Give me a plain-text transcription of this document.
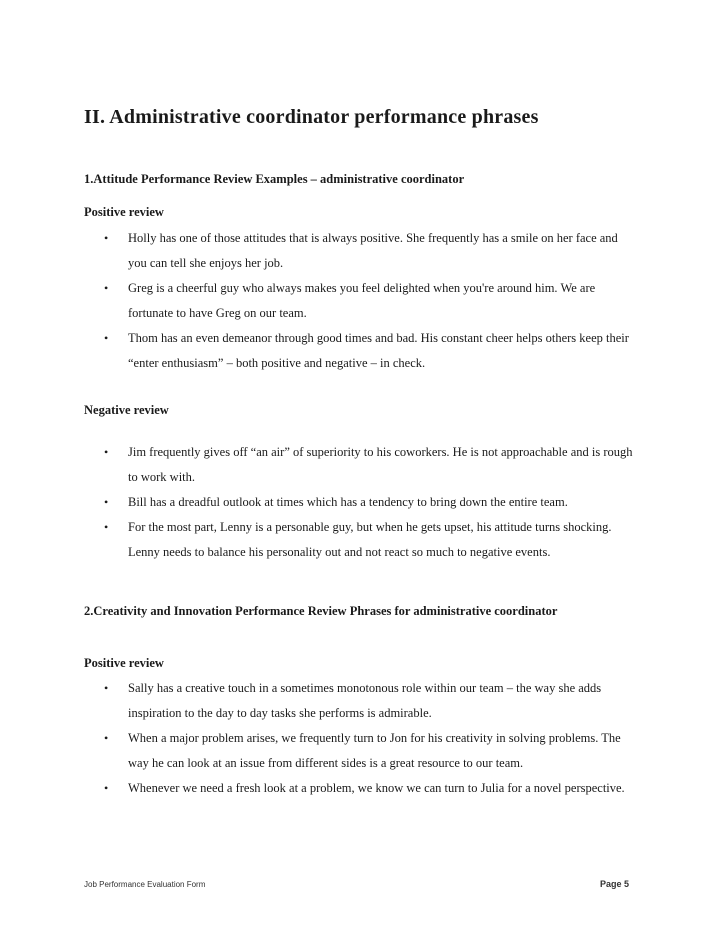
II. Administrative coordinator performance phrases
1.Attitude Performance Review Examples – administrative coordinator
Positive review
• Holly has one of those attitudes that is always positive. She frequently has a smile on her face and you can tell she enjoys her job.
• Greg is a cheerful guy who always makes you feel delighted when you're around him. We are fortunate to have Greg on our team.
• Thom has an even demeanor through good times and bad. His constant cheer helps others keep their “enter enthusiasm” – both positive and negative – in check.
Negative review
• Jim frequently gives off “an air” of superiority to his coworkers. He is not approachable and is rough to work with.
• Bill has a dreadful outlook at times which has a tendency to bring down the entire team.
• For the most part, Lenny is a personable guy, but when he gets upset, his attitude turns shocking. Lenny needs to balance his personality out and not react so much to negative events.
2.Creativity and Innovation Performance Review Phrases for administrative coordinator
Positive review
• Sally has a creative touch in a sometimes monotonous role within our team – the way she adds inspiration to the day to day tasks she performs is admirable.
• When a major problem arises, we frequently turn to Jon for his creativity in solving problems. The way he can look at an issue from different sides is a great resource to our team.
• Whenever we need a fresh look at a problem, we know we can turn to Julia for a novel perspective.
Job Performance Evaluation Form	Page 5
